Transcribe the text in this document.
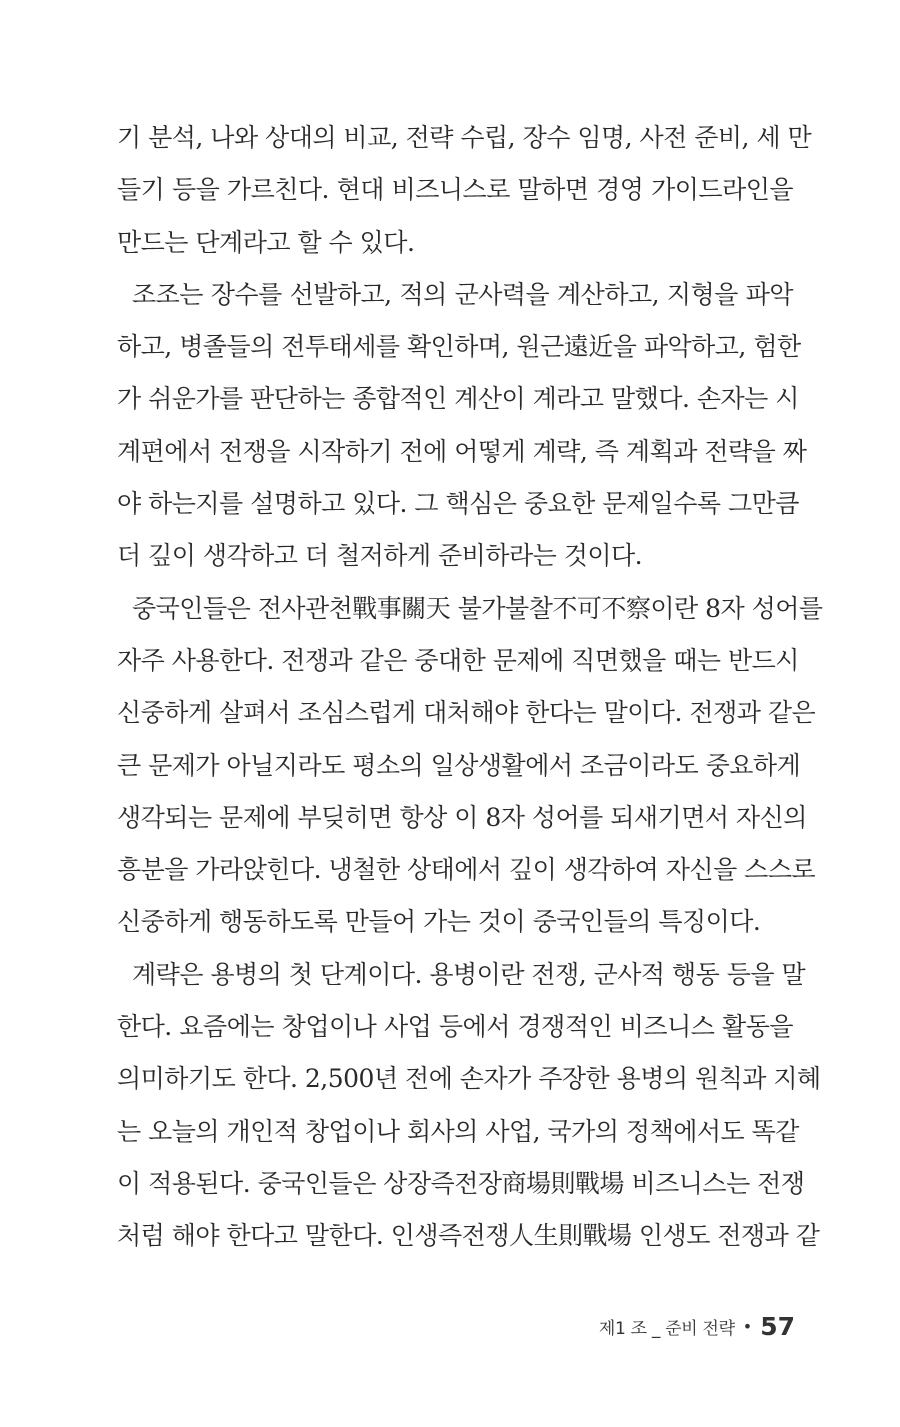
기 분석, 나와 상대의 비교, 전략 수립, 장수 임명, 사전 준비, 세 만
들기 등을 가르친다. 현대 비즈니스로 말하면 경영 가이드라인을
만드는 단계라고 할 수 있다.
조조는 장수를 선발하고, 적의 군사력을 계산하고, 지형을 파악
하고, 병졸들의 전투태세를 확인하며, 원근遠近을 파악하고, 험한
가 쉬운가를 판단하는 종합적인 계산이 계라고 말했다. 손자는 시
계편에서 전쟁을 시작하기 전에 어떻게 계략, 즉 계획과 전략을 짜
야 하는지를 설명하고 있다. 그 핵심은 중요한 문제일수록 그만큼
더 깊이 생각하고 더 철저하게 준비하라는 것이다.
중국인들은 전사관천戰事關天 불가불찰不可不察이란 8자 성어를
자주 사용한다. 전쟁과 같은 중대한 문제에 직면했을 때는 반드시
신중하게 살펴서 조심스럽게 대처해야 한다는 말이다. 전쟁과 같은
큰 문제가 아닐지라도 평소의 일상생활에서 조금이라도 중요하게
생각되는 문제에 부딪히면 항상 이 8자 성어를 되새기면서 자신의
흥분을 가라앉힌다. 냉철한 상태에서 깊이 생각하여 자신을 스스로
신중하게 행동하도록 만들어 가는 것이 중국인들의 특징이다.
계략은 용병의 첫 단계이다. 용병이란 전쟁, 군사적 행동 등을 말
한다. 요즘에는 창업이나 사업 등에서 경쟁적인 비즈니스 활동을
의미하기도 한다. 2,500년 전에 손자가 주장한 용병의 원칙과 지혜
는 오늘의 개인적 창업이나 회사의 사업, 국가의 정책에서도 똑같
이 적용된다. 중국인들은 상장즉전장商場則戰場 비즈니스는 전쟁
처럼 해야 한다고 말한다. 인생즉전쟁人生則戰場 인생도 전쟁과 같
제1 조 _ 준비 전략 • 57
